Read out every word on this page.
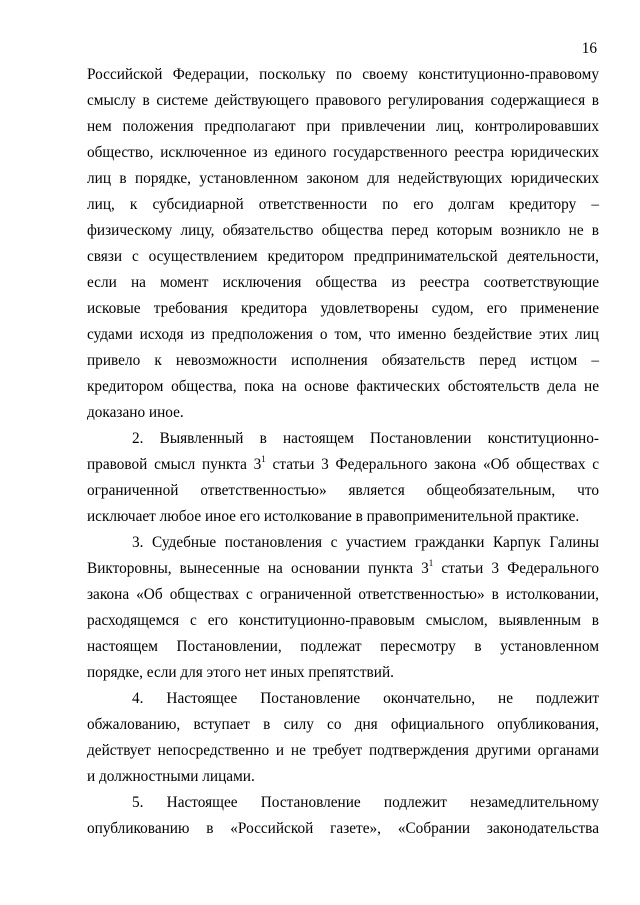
16

Российской Федерации, поскольку по своему конституционно-правовому
смыслу в системе действующего правового регулирования содержащиеся в
нем положения предполагают при привлечении лиц, контролировавших
общество, исключенное из единого государственного реестра юридических
лиц в порядке, установленном законом для недействующих юридических
лиц, к субсидиарной ответственности по его долгам кредитору –
физическому лицу, обязательство общества перед которым возникло не в
связи с осуществлением кредитором предпринимательской деятельности,
если на момент исключения общества из реестра соответствующие
исковые требования кредитора удовлетворены судом, его применение
судами исходя из предположения о том, что именно бездействие этих лиц
привело к невозможности исполнения обязательств перед истцом –
кредитором общества, пока на основе фактических обстоятельств дела не
доказано иное.

2. Выявленный в настоящем Постановлении конституционно-
правовой смысл пункта $3^1$ статьи 3 Федерального закона «Об обществах с
ограниченной ответственностью» является общеобязательным, что
исключает любое иное его истолкование в правоприменительной практике.

3. Судебные постановления с участием гражданки Карпук Галины
Викторовны, вынесенные на основании пункта $3^1$ статьи 3 Федерального
закона «Об обществах с ограниченной ответственностью» в истолковании,
расходящемся с его конституционно-правовым смыслом, выявленным в
настоящем Постановлении, подлежат пересмотру в установленном
порядке, если для этого нет иных препятствий.

4. Настоящее Постановление окончательно, не подлежит
обжалованию, вступает в силу со дня официального опубликования,
действует непосредственно и не требует подтверждения другими органами
и должностными лицами.

5. Настоящее Постановление подлежит незамедлительному
опубликованию в «Российской газете», «Собрании законодательства
